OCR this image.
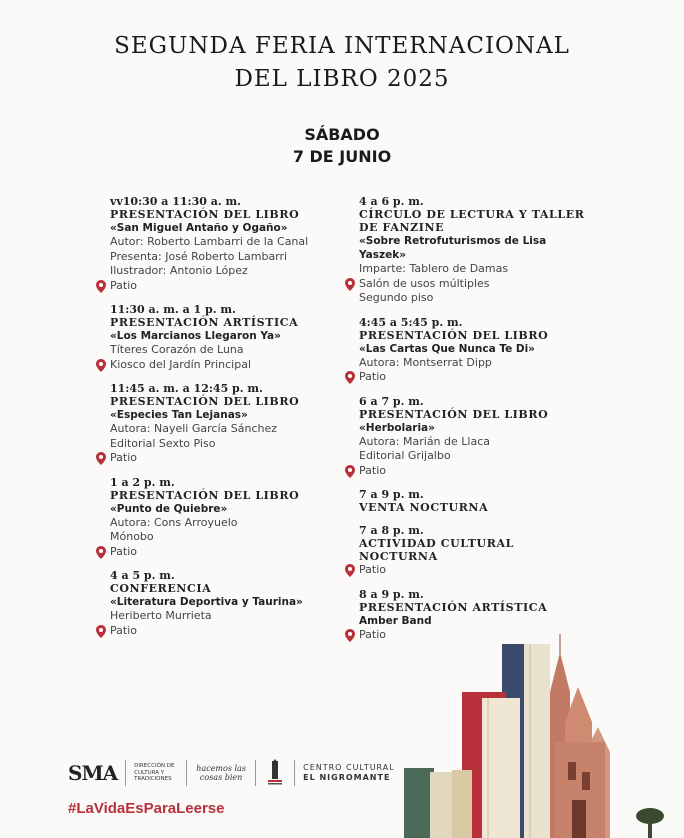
SEGUNDA FERIA INTERNACIONAL
DEL LIBRO 2025
SÁBADO
7 DE JUNIO
vv10:30 a 11:30 a. m.
PRESENTACIÓN DEL LIBRO
«San Miguel Antaño y Ogaño»
Autor: Roberto Lambarri de la Canal
Presenta: José Roberto Lambarri
Ilustrador: Antonio López
Patio
11:30 a. m. a 1 p. m.
PRESENTACIÓN ARTÍSTICA
«Los Marcianos Llegaron Ya»
Títeres Corazón de Luna
Kiosco del Jardín Principal
11:45 a. m. a 12:45 p. m.
PRESENTACIÓN DEL LIBRO
«Especies Tan Lejanas»
Autora: Nayeli García Sánchez
Editorial Sexto Piso
Patio
1 a 2 p. m.
PRESENTACIÓN DEL LIBRO
«Punto de Quiebre»
Autora: Cons Arroyuelo
Mónobo
Patio
4 a 5 p. m.
CONFERENCIA
«Literatura Deportiva y Taurina»
Heriberto Murrieta
Patio
4 a 6 p. m.
CÍRCULO DE LECTURA Y TALLER DE FANZINE
«Sobre Retrofuturismos de Lisa Yaszek»
Imparte: Tablero de Damas
Salón de usos múltiples
Segundo piso
4:45 a 5:45 p. m.
PRESENTACIÓN DEL LIBRO
«Las Cartas Que Nunca Te Di»
Autora: Montserrat Dipp
Patio
6 a 7 p. m.
PRESENTACIÓN DEL LIBRO
«Herbolaria»
Autora: Marián de Llaca
Editorial Grijalbo
Patio
7 a 9 p. m.
VENTA NOCTURNA
7 a 8 p. m.
ACTIVIDAD CULTURAL NOCTURNA
Patio
8 a 9 p. m.
PRESENTACIÓN ARTÍSTICA
Amber Band
Patio
SMA	DIRECCIÓN DE CULTURA Y TRADICIONES
hacemos las cosas bien
CENTRO CULTURAL
EL NIGROMANTE
#LaVidaEsParaLeerse
